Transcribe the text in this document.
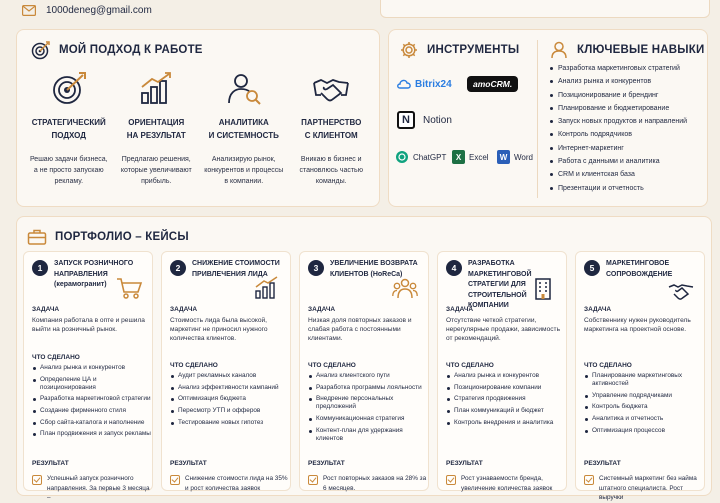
1000deneg@gmail.com
МОЙ ПОДХОД К РАБОТЕ
СТРАТЕГИЧЕСКИЙ
ПОДХОД
Решаю задачи бизнеса, а не просто запускаю рекламу.
ОРИЕНТАЦИЯ
НА РЕЗУЛЬТАТ
Предлагаю решения, которые увеличивают прибыль.
АНАЛИТИКА
И СИСТЕМНОСТЬ
Анализирую рынок, конкурентов и процессы в компании.
ПАРТНЕРСТВО
С КЛИЕНТОМ
Вникаю в бизнес и становлюсь частью команды.
ИНСТРУМЕНТЫ
Bitrix24	amoCRM.
N	Notion
ChatGPT	X Excel	W Word
КЛЮЧЕВЫЕ НАВЫКИ
Разработка маркетинговых стратегий
Анализ рынка и конкурентов
Позиционирование и брендинг
Планирование и бюджетирование
Запуск новых продуктов и направлений
Контроль подрядчиков
Интернет-маркетинг
Работа с данными и аналитика
CRM и клиентская база
Презентации и отчетность
ПОРТФОЛИО – КЕЙСЫ
1	ЗАПУСК РОЗНИЧНОГО НАПРАВЛЕНИЯ (керамогранит)
ЗАДАЧА
Компания работала в опте и решила выйти на розничный рынок.
ЧТО СДЕЛАНО
Анализ рынка и конкурентов
Определение ЦА и позиционирования
Разработка маркетинговой стратегии
Создание фирменного стиля
Сбор сайта-каталога и наполнение
План продвижения и запуск рекламы
РЕЗУЛЬТАТ
Успешный запуск розничного направления. За первые 3 месяца –
2	СНИЖЕНИЕ СТОИМОСТИ ПРИВЛЕЧЕНИЯ ЛИДА
ЗАДАЧА
Стоимость лида была высокой, маркетинг не приносил нужного количества клиентов.
ЧТО СДЕЛАНО
Аудит рекламных каналов
Анализ эффективности кампаний
Оптимизация бюджета
Пересмотр УТП и офферов
Тестирование новых гипотез
РЕЗУЛЬТАТ
Снижение стоимости лида на 35% и рост количества заявок
3	УВЕЛИЧЕНИЕ ВОЗВРАТА КЛИЕНТОВ (HoReCa)
ЗАДАЧА
Низкая доля повторных заказов и слабая работа с постоянными клиентами.
ЧТО СДЕЛАНО
Анализ клиентского пути
Разработка программы лояльности
Внедрение персональных предложений
Коммуникационная стратегия
Контент-план для удержания клиентов
РЕЗУЛЬТАТ
Рост повторных заказов на 28% за 6 месяцев.
4	РАЗРАБОТКА МАРКЕТИНГОВОЙ СТРАТЕГИИ ДЛЯ СТРОИТЕЛЬНОЙ КОМПАНИИ
ЗАДАЧА
Отсутствие четкой стратегии, нерегулярные продажи, зависимость от рекомендаций.
ЧТО СДЕЛАНО
Анализ рынка и конкурентов
Позиционирование компании
Стратегия продвижения
План коммуникаций и бюджет
Контроль внедрения и аналитика
РЕЗУЛЬТАТ
Рост узнаваемости бренда, увеличение количества заявок
5	МАРКЕТИНГОВОЕ СОПРОВОЖДЕНИЕ
ЗАДАЧА
Собственнику нужен руководитель маркетинга на проектной основе.
ЧТО СДЕЛАНО
Планирование маркетинговых активностей
Управление подрядчиками
Контроль бюджета
Аналитика и отчетность
Оптимизация процессов
РЕЗУЛЬТАТ
Системный маркетинг без найма штатного специалиста. Рост выручки
